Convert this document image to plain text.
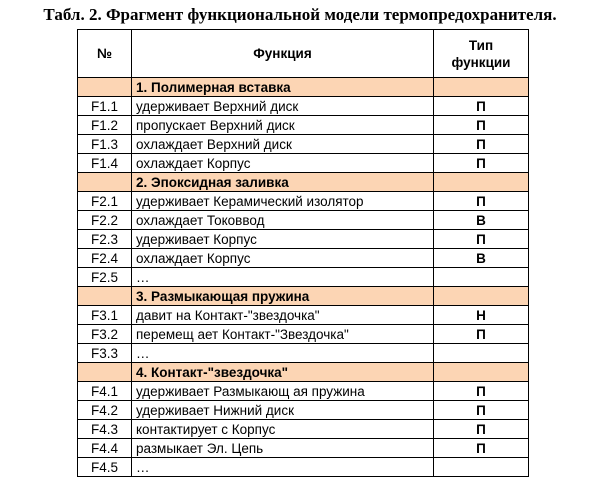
Табл. 2. Фрагмент функциональной модели термопредохранителя.
№	Функция	Тип
функции
	1. Полимерная вставка	
F1.1	удерживает Верхний диск	П
F1.2	пропускает Верхний диск	П
F1.3	охлаждает Верхний диск	П
F1.4	охлаждает Корпус	П
	2. Эпоксидная заливка	
F2.1	удерживает Керамический изолятор	П
F2.2	охлаждает Токоввод	В
F2.3	удерживает Корпус	П
F2.4	охлаждает Корпус	В
F2.5	…	
	3. Размыкающая пружина	
F3.1	давит на Контакт-"звездочка"	Н
F3.2	перемещ ает Контакт-"Звездочка"	П
F3.3	…	
	4. Контакт-"звездочка"	
F4.1	удерживает Размыкающ ая пружина	П
F4.2	удерживает Нижний диск	П
F4.3	контактирует с Корпус	П
F4.4	размыкает Эл. Цепь	П
F4.5	…	
